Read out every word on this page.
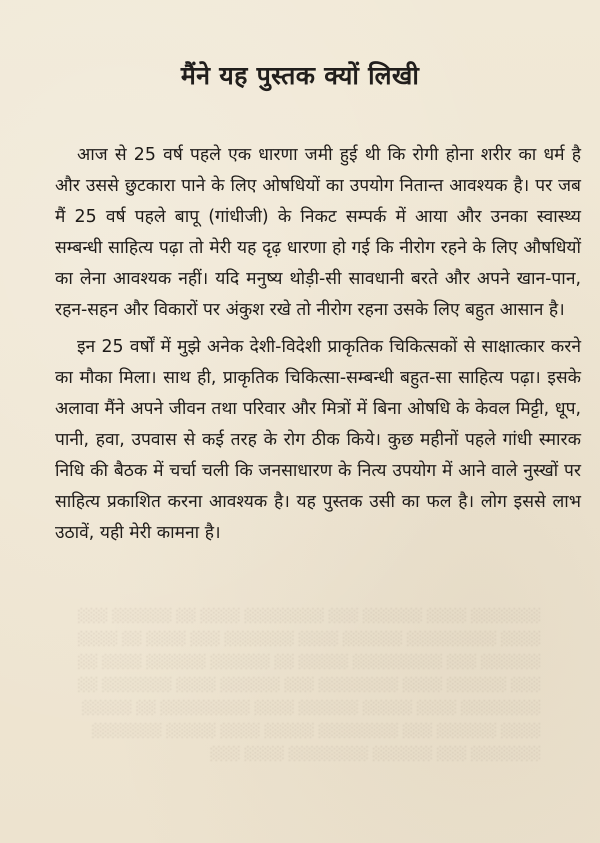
░░░░░░░ ░░░░ ░░░░░░ ░░░ ░░░░░░░░ ░░░░ ░░ ░░░░░░ ░░░
░░░░ ░░░░░░░░░ ░░░░░░ ░░░░ ░░░░░░░ ░░░ ░░░░ ░░ ░░░░
░░░░░░ ░░░ ░░░░░░░░░ ░░░░░ ░░ ░░░░░░ ░░░░░░ ░░░░ ░░
░░░ ░░░░░░ ░░░░ ░░░░░░░░ ░░░ ░░░░░░ ░░░░ ░░░░░░░ ░░
░░░░░░░░ ░░░░ ░░░░░ ░░░░░░ ░░░░ ░░░░░░░░░ ░░ ░░░░░
░░░░ ░░░░░░ ░░░ ░░░░░░░░ ░░░░░ ░░░░ ░░░░░ ░░░░░░░
░░░░░░░ ░░░ ░░░░░░ ░░░░░░░░ ░░░░ ░░░
मैंने यह पुस्तक क्यों लिखी

आज से 25 वर्ष पहले एक धारणा जमी हुई थी कि रोगी होना शरीर का धर्म है और उससे छुटकारा पाने के लिए ओषधियों का उपयोग नितान्त आवश्यक है। पर जब मैं 25 वर्ष पहले बापू (गांधीजी) के निकट सम्पर्क में आया और उनका स्वास्थ्य सम्बन्धी साहित्य पढ़ा तो मेरी यह दृढ़ धारणा हो गई कि नीरोग रहने के लिए औषधियों का लेना आवश्यक नहीं। यदि मनुष्य थोड़ी-सी सावधानी बरते और अपने खान-पान, रहन-सहन और विकारों पर अंकुश रखे तो नीरोग रहना उसके लिए बहुत आसान है।

इन 25 वर्षों में मुझे अनेक देशी-विदेशी प्राकृतिक चिकित्सकों से साक्षात्कार करने का मौका मिला। साथ ही, प्राकृतिक चिकित्सा-सम्बन्धी बहुत-सा साहित्य पढ़ा। इसके अलावा मैंने अपने जीवन तथा परिवार और मित्रों में बिना ओषधि के केवल मिट्टी, धूप, पानी, हवा, उपवास से कई तरह के रोग ठीक किये। कुछ महीनों पहले गांधी स्मारक निधि की बैठक में चर्चा चली कि जनसाधारण के नित्य उपयोग में आने वाले नुस्खों पर साहित्य प्रकाशित करना आवश्यक है। यह पुस्तक उसी का फल है। लोग इससे लाभ उठावें, यही मेरी कामना है।
